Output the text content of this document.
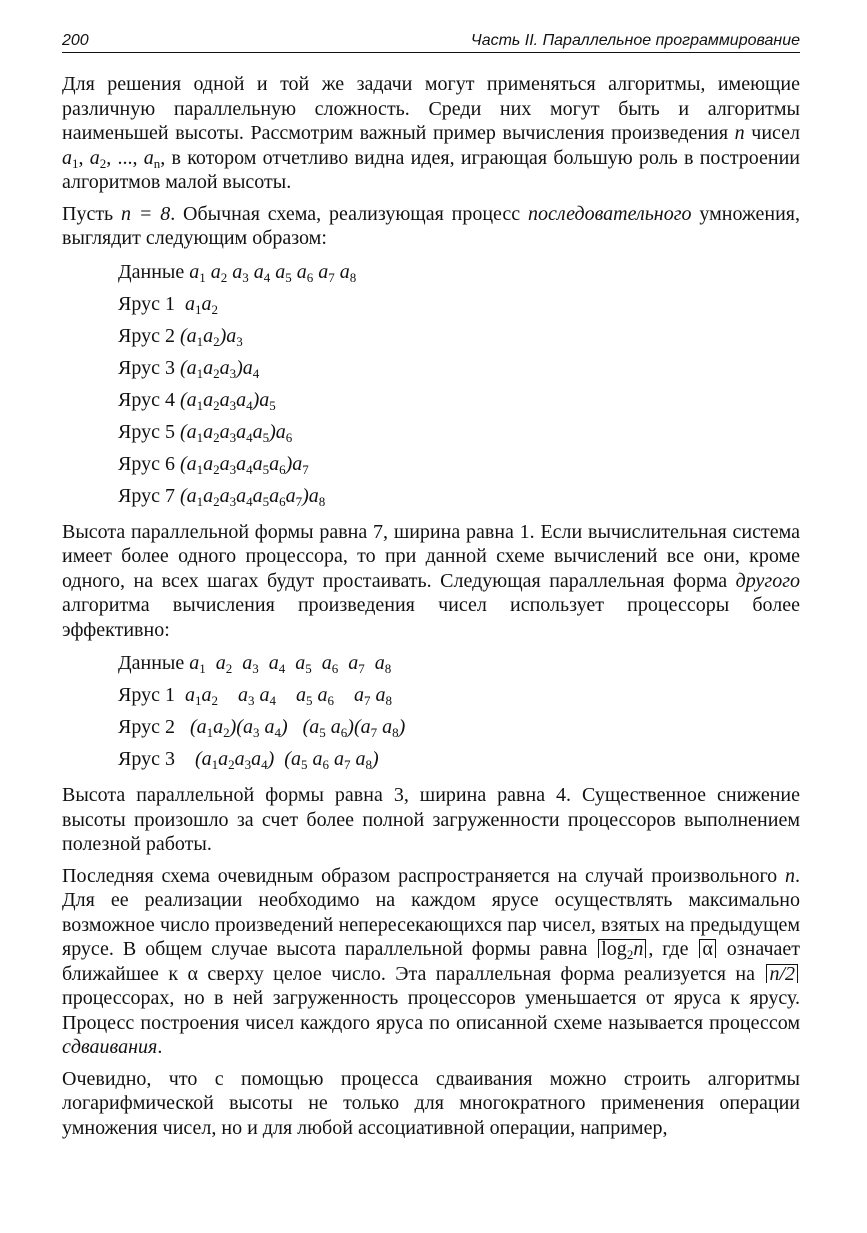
200	Часть II. Параллельное программирование

Для решения одной и той же задачи могут применяться алгоритмы, имеющие различную параллельную сложность. Среди них могут быть и алгоритмы наименьшей высоты. Рассмотрим важный пример вычисления произведения n чисел $a_1$, $a_2$, ..., $a_n$, в котором отчетливо видна идея, играющая большую роль в построении алгоритмов малой высоты.

Пусть n = 8. Обычная схема, реализующая процесс последовательного умножения, выглядит следующим образом:

Данные $a_1$ $a_2$ $a_3$ $a_4$ $a_5$ $a_6$ $a_7$ $a_8$
Ярус 1 $a_1a_2$
Ярус 2 $(a_1a_2)a_3$
Ярус 3 $(a_1a_2a_3)a_4$
Ярус 4 $(a_1a_2a_3a_4)a_5$
Ярус 5 $(a_1a_2a_3a_4a_5)a_6$
Ярус 6 $(a_1a_2a_3a_4a_5a_6)a_7$
Ярус 7 $(a_1a_2a_3a_4a_5a_6a_7)a_8$

Высота параллельной формы равна 7, ширина равна 1. Если вычислительная система имеет более одного процессора, то при данной схеме вычислений все они, кроме одного, на всех шагах будут простаивать. Следующая параллельная форма другого алгоритма вычисления произведения чисел использует процессоры более эффективно:

Данные $a_1$  $a_2$  $a_3$  $a_4$  $a_5$  $a_6$  $a_7$  $a_8$
Ярус 1 $a_1a_2$    $a_3$ $a_4$    $a_5$ $a_6$    $a_7$ $a_8$
Ярус 2 $(a_1a_2)(a_3$ $a_4$)   ($a_5$ $a_6)(a_7$ $a_8$)
Ярус 3 $(a_1a_2a_3a_4)$  ($a_5$ $a_6$ $a_7$ $a_8$)

Высота параллельной формы равна 3, ширина равна 4. Существенное снижение высоты произошло за счет более полной загруженности процессоров выполнением полезной работы.

Последняя схема очевидным образом распространяется на случай произвольного n. Для ее реализации необходимо на каждом ярусе осуществлять максимально возможное число произведений непересекающихся пар чисел, взятых на предыдущем ярусе. В общем случае высота параллельной формы равна $\log_2n$ , где α означает ближайшее к α сверху целое число. Эта параллельная форма реализуется на n/2 процессорах, но в ней загруженность процессоров уменьшается от яруса к ярусу. Процесс построения чисел каждого яруса по описанной схеме называется процессом сдваивания.

Очевидно, что с помощью процесса сдваивания можно строить алгоритмы логарифмической высоты не только для многократного применения операции умножения чисел, но и для любой ассоциативной операции, например,
